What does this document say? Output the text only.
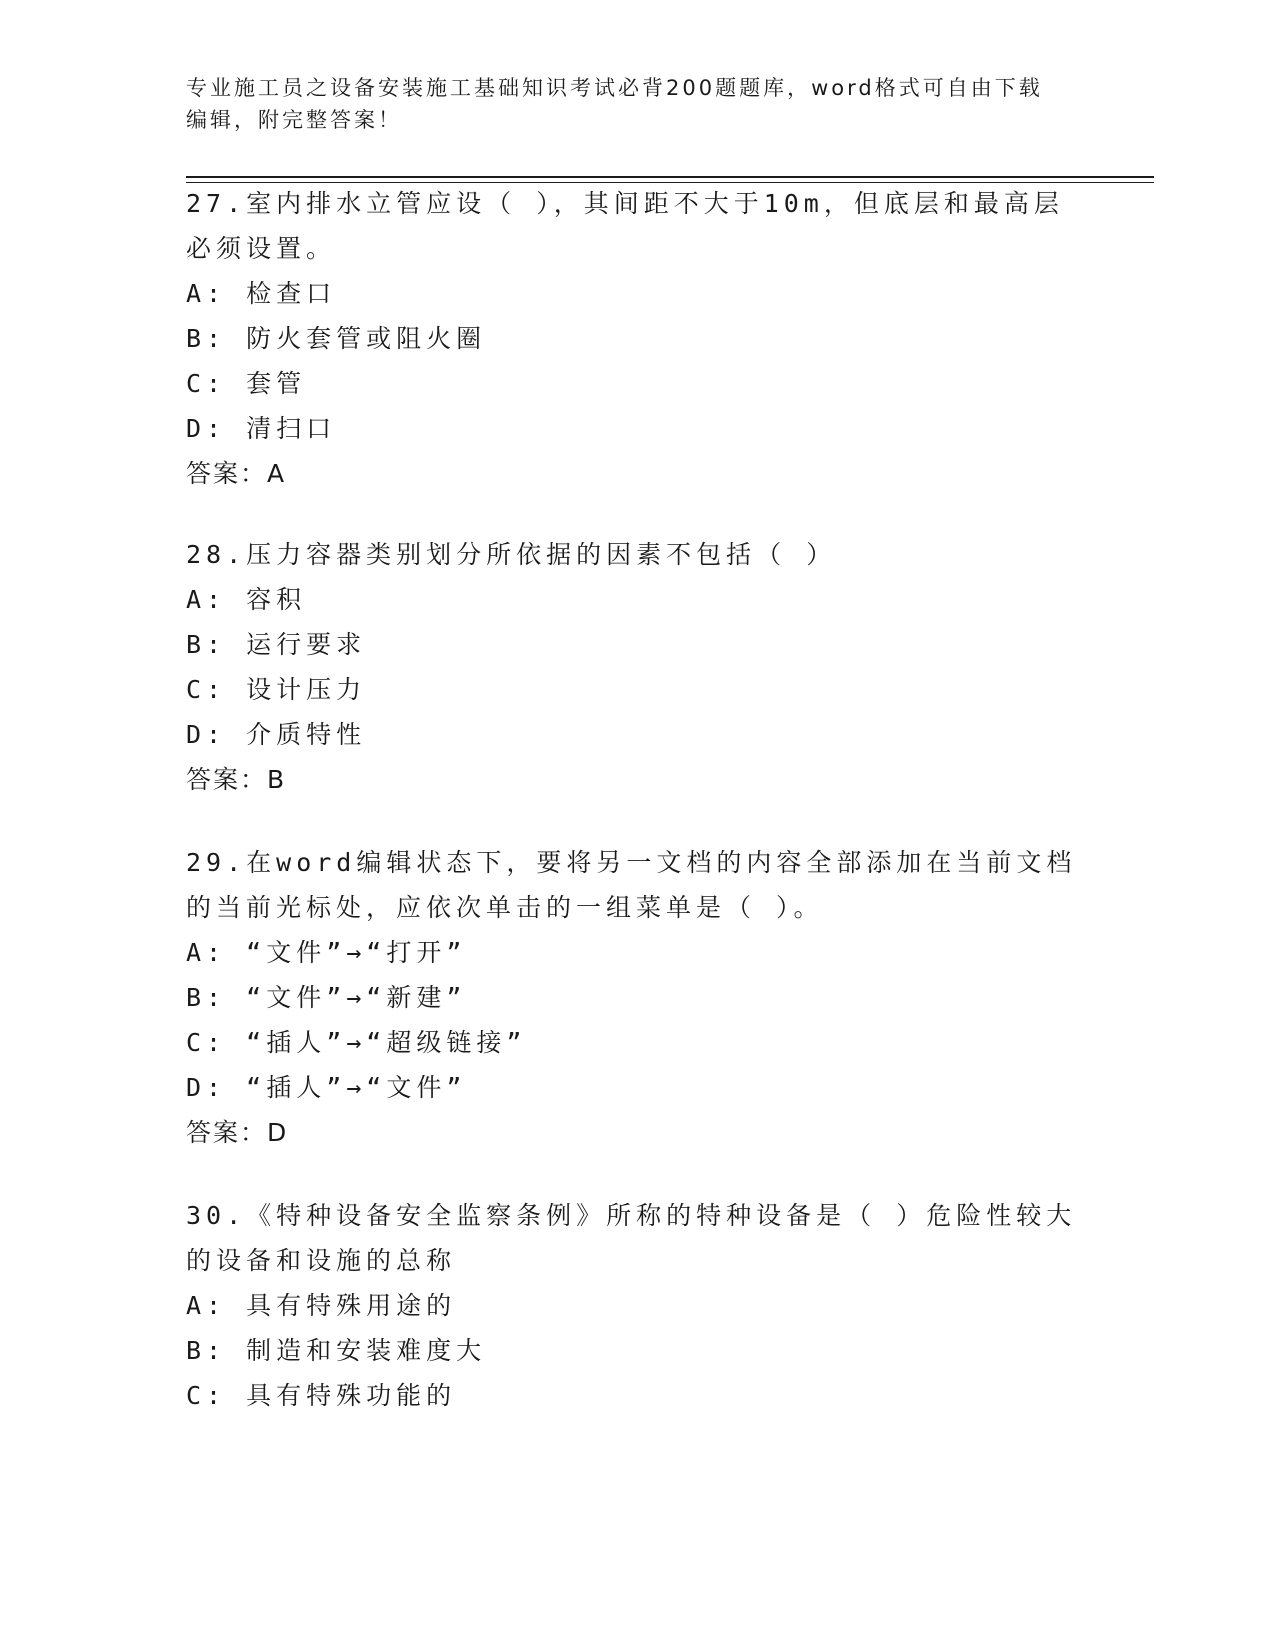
专业施工员之设备安装施工基础知识考试必背200题题库，word格式可自由下载
编辑，附完整答案！

27.室内排水立管应设（ ），其间距不大于10m，但底层和最高层必须设置。

A: 检查口

B: 防火套管或阻火圈

C: 套管

D: 清扫口

答案：A

28.压力容器类别划分所依据的因素不包括（ ）

A: 容积

B: 运行要求

C: 设计压力

D: 介质特性

答案：B

29.在word编辑状态下，要将另一文档的内容全部添加在当前文档的当前光标处，应依次单击的一组菜单是（ ）。

A: “文件”→“打开”

B: “文件”→“新建”

C: “插人”→“超级链接”

D: “插人”→“文件”

答案：D

30.《特种设备安全监察条例》所称的特种设备是（ ）危险性较大的设备和设施的总称

A: 具有特殊用途的

B: 制造和安装难度大

C: 具有特殊功能的
